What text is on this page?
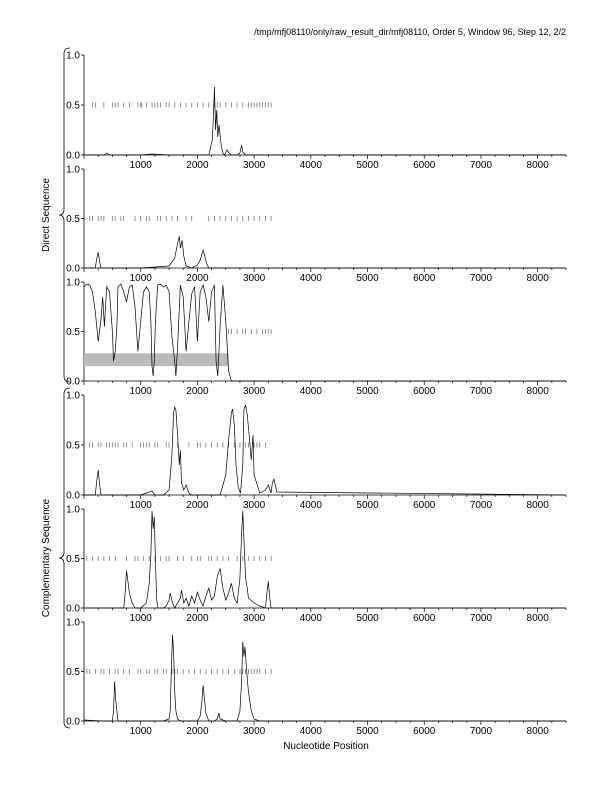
/tmp/mfj08110/only/raw_result_dir/mfj08110, Order 5, Window 96, Step 12, 2/2
Direct Sequence
Complementary Sequence
0.0
0.5
1.0
1000	2000	3000	4000	5000	6000	7000	8000
0.0
0.5
1.0
1000	2000	3000	4000	5000	6000	7000	8000
0.0
0.5
1.0
1000	2000	3000	4000	5000	6000	7000	8000
0.0
0.5
1.0
1000	2000	3000	4000	5000	6000	7000	8000
0.0
0.5
1.0
1000	2000	3000	4000	5000	6000	7000	8000
0.0
0.5
1.0
1000	2000	3000	4000	5000	6000	7000	8000
Nucleotide Position
